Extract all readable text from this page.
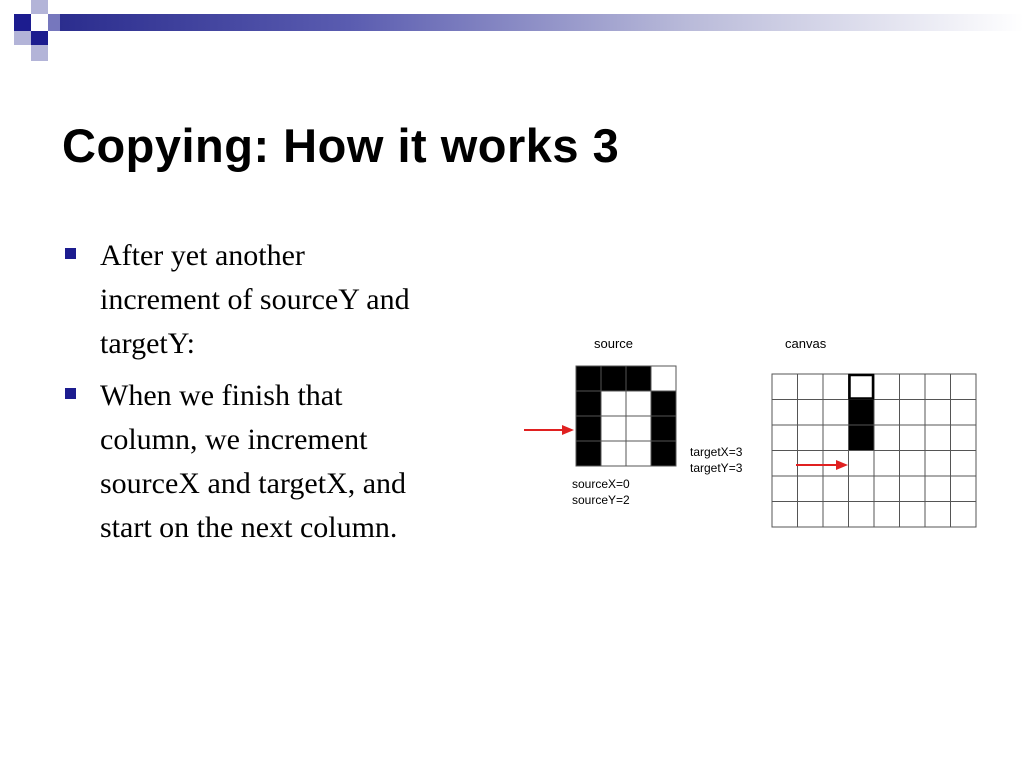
Copying: How it works 3
After yet another
increment of sourceY and
targetY:
When we finish that
column, we increment
sourceX and targetX, and
start on the next column.
source	canvas
sourceX=0
sourceY=2
targetX=3
targetY=3
